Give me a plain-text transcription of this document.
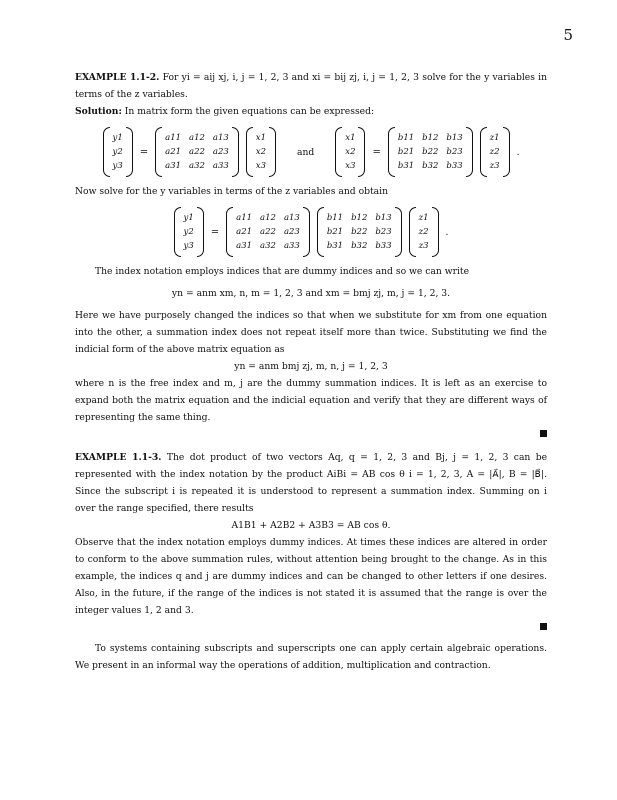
5

EXAMPLE 1.1-2. For yi = aij xj, i, j = 1, 2, 3 and xi = bij zj, i, j = 1, 2, 3 solve for the y variables in terms of the z variables.

Solution: In matrix form the given equations can be expressed:

y1
y2
y3
=
a11 a12 a13
a21 a22 a23
a31 a32 a33
x1
x2
x3
and
x1
x2
x3
=
b11 b12 b13
b21 b22 b23
b31 b32 b33
z1
z2
z3
.

Now solve for the y variables in terms of the z variables and obtain

y1
y2
y3
=
a11 a12 a13
a21 a22 a23
a31 a32 a33
b11 b12 b13
b21 b22 b23
b31 b32 b33
z1
z2
z3
.

The index notation employs indices that are dummy indices and so we can write

yn = anm xm, n, m = 1, 2, 3 and xm = bmj zj, m, j = 1, 2, 3.

Here we have purposely changed the indices so that when we substitute for xm from one equation into the other, a summation index does not repeat itself more than twice. Substituting we find the indicial form of the above matrix equation as

yn = anm bmj zj, m, n, j = 1, 2, 3

where n is the free index and m, j are the dummy summation indices. It is left as an exercise to expand both the matrix equation and the indicial equation and verify that they are different ways of representing the same thing.

EXAMPLE 1.1-3. The dot product of two vectors Aq, q = 1, 2, 3 and Bj, j = 1, 2, 3 can be represented with the index notation by the product AiBi = AB cos θ i = 1, 2, 3, A = |A⃗|, B = |B⃗|. Since the subscript i is repeated it is understood to represent a summation index. Summing on i over the range specified, there results

A1B1 + A2B2 + A3B3 = AB cos θ.

Observe that the index notation employs dummy indices. At times these indices are altered in order to conform to the above summation rules, without attention being brought to the change. As in this example, the indices q and j are dummy indices and can be changed to other letters if one desires. Also, in the future, if the range of the indices is not stated it is assumed that the range is over the integer values 1, 2 and 3.

To systems containing subscripts and superscripts one can apply certain algebraic operations. We present in an informal way the operations of addition, multiplication and contraction.
